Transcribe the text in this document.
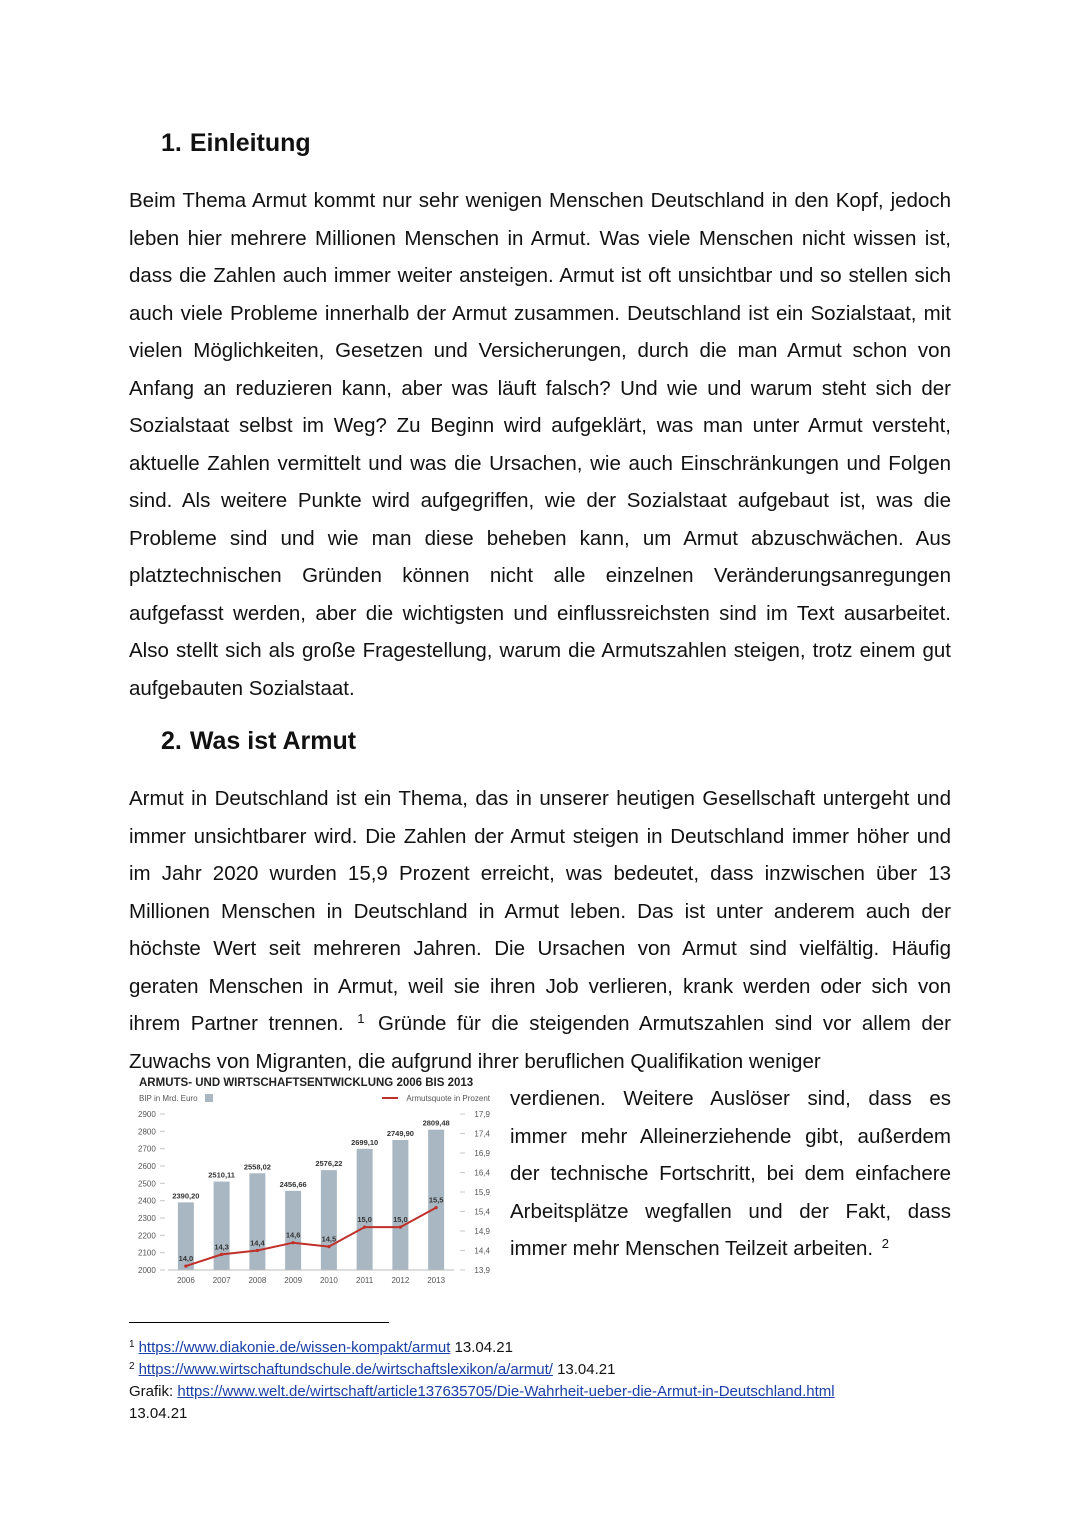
1. Einleitung

Beim Thema Armut kommt nur sehr wenigen Menschen Deutschland in den Kopf, jedoch leben hier mehrere Millionen Menschen in Armut. Was viele Menschen nicht wissen ist, dass die Zahlen auch immer weiter ansteigen. Armut ist oft unsichtbar und so stellen sich auch viele Probleme innerhalb der Armut zusammen. Deutschland ist ein Sozialstaat, mit vielen Möglichkeiten, Gesetzen und Versicherungen, durch die man Armut schon von Anfang an reduzieren kann, aber was läuft falsch? Und wie und warum steht sich der Sozialstaat selbst im Weg? Zu Beginn wird aufgeklärt, was man unter Armut versteht, aktuelle Zahlen vermittelt und was die Ursachen, wie auch Einschränkungen und Folgen sind. Als weitere Punkte wird aufgegriffen, wie der Sozialstaat aufgebaut ist, was die Probleme sind und wie man diese beheben kann, um Armut abzuschwächen. Aus platztechnischen Gründen können nicht alle einzelnen Veränderungsanregungen aufgefasst werden, aber die wichtigsten und einflussreichsten sind im Text ausarbeitet. Also stellt sich als große Fragestellung, warum die Armutszahlen steigen, trotz einem gut aufgebauten Sozialstaat.

2. Was ist Armut

Armut in Deutschland ist ein Thema, das in unserer heutigen Gesellschaft untergeht und immer unsichtbarer wird. Die Zahlen der Armut steigen in Deutschland immer höher und im Jahr 2020 wurden 15,9 Prozent erreicht, was bedeutet, dass inzwischen über 13 Millionen Menschen in Deutschland in Armut leben. Das ist unter anderem auch der höchste Wert seit mehreren Jahren. Die Ursachen von Armut sind vielfältig. Häufig geraten Menschen in Armut, weil sie ihren Job verlieren, krank werden oder sich von ihrem Partner trennen. $^1$ Gründe für die steigenden Armutszahlen sind vor allem der Zuwachs von Migranten, die aufgrund ihrer beruflichen Qualifikation weniger

verdienen. Weitere Auslöser sind, dass es immer mehr Alleinerziehende gibt, außerdem der technische Fortschritt, bei dem einfachere Arbeitsplätze wegfallen und der Fakt, dass immer mehr Menschen Teilzeit arbeiten. $^2$

ARMUTS- UND WIRTSCHAFTSENTWICKLUNG 2006 BIS 2013
BIP in Mrd. Euro	Armutsquote in Prozent
2900
2800
2700
2600
2500
2400
2300
2200
2100
2000
17,9
17,4
16,9
16,4
15,9
15,4
14,9
14,4
13,9
2390,20
2510,11
2558,02
2456,66
2576,22
2699,10
2749,90
2809,48
14,0
14,3	14,4
14,6	14,5
15,0	15,0
15,5
2006 2007 2008 2009 2010 2011 2012 2013
$^1$ https://www.diakonie.de/wissen-kompakt/armut 13.04.21
$^2$ https://www.wirtschaftundschule.de/wirtschaftslexikon/a/armut/ 13.04.21
Grafik: https://www.welt.de/wirtschaft/article137635705/Die-Wahrheit-ueber-die-Armut-in-Deutschland.html
13.04.21
